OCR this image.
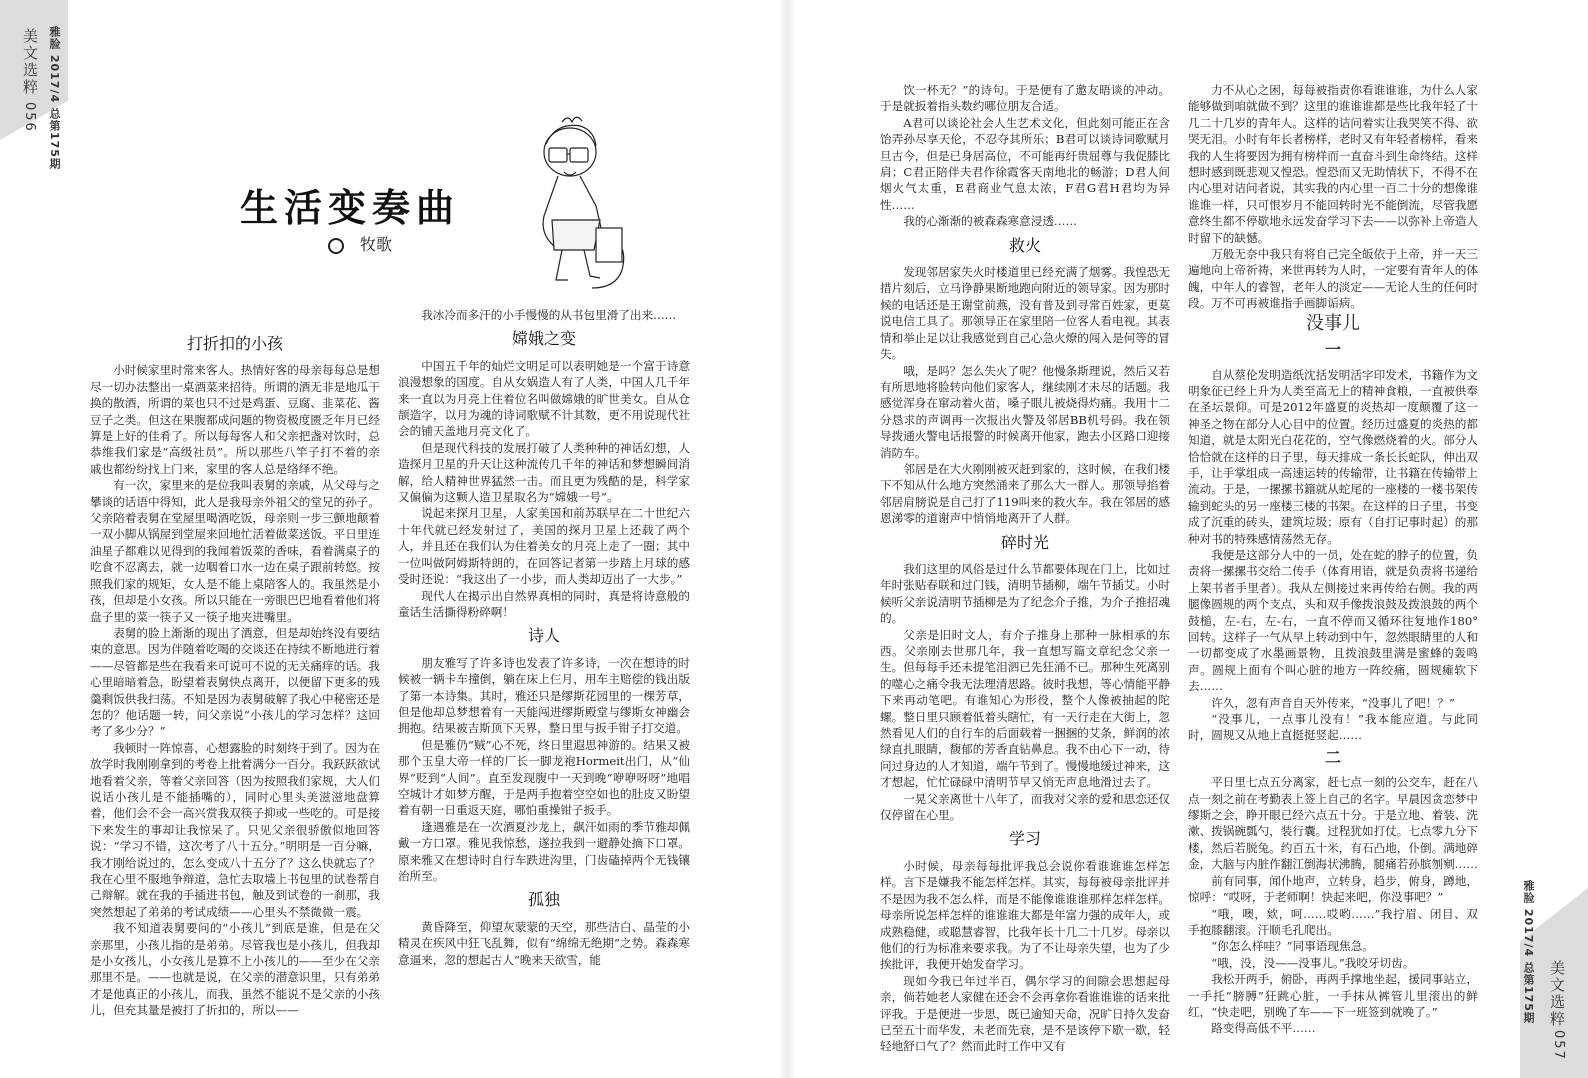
美文选粹
056 雅脸 2017/4 总第175期
生活变奏曲
牧歌
打折扣的小孩

小时候家里时常来客人。热情好客的母亲每每总是想尽一切办法整出一桌酒菜来招待。所谓的酒无非是地瓜干换的散酒，所谓的菜也只不过是鸡蛋、豆腐、韭菜花、酱豆子之类。但这在果腹都成问题的物资极度匮乏年月已经算是上好的佳肴了。所以每每客人和父亲把盏对饮时，总恭维我们家是“高级社员”。所以那些八竿子打不着的亲戚也都纷纷找上门来，家里的客人总是络绎不绝。

有一次，家里来的是位我叫表舅的亲戚，从父母与之攀谈的话语中得知，此人是我母亲外祖父的堂兄的孙子。父亲陪着表舅在堂屋里喝酒吃饭，母亲则一步三颤地颠着一双小脚从锅屋到堂屋来回地忙活着做菜送饭。平日里连油星子都难以见得到的我闻着饭菜的香味，看着满桌子的吃食不忍离去，就一边咽着口水一边在桌子跟前转悠。按照我们家的规矩，女人是不能上桌陪客人的。我虽然是小孩，但却是小女孩。所以只能在一旁眼巴巴地看着他们将盘子里的菜一筷子又一筷子地夹进嘴里。

表舅的脸上渐渐的现出了酒意，但是却始终没有要结束的意思。因为伴随着吃喝的交谈还在持续不断地进行着——尽管都是些在我看来可说可不说的无关痛痒的话。我心里暗暗着急，盼望着表舅快点离开，以便留下更多的残羹剩饭供我扫荡。不知是因为表舅破解了我心中秘密还是怎的？他话题一转，问父亲说“小孩儿的学习怎样？这回考了多少分？”

我顿时一阵惊喜，心想露脸的时刻终于到了。因为在放学时我刚刚拿到的考卷上批着满分一百分。我跃跃欲试地看着父亲，等着父亲回答（因为按照我们家规，大人们说话小孩儿是不能插嘴的），同时心里头美滋滋地盘算着，他们会不会一高兴赏我双筷子抑或一些吃的。可是接下来发生的事却让我惊呆了。只见父亲很骄傲似地回答说：“学习不错，这次考了八十五分。”明明是一百分嘛，我才刚给说过的，怎么变成八十五分了？这么快就忘了？我在心里不服地争辩道，急忙去取墙上书包里的试卷帮自己辩解。就在我的手插进书包，触及到试卷的一刹那，我突然想起了弟弟的考试成绩——心里头不禁微微一震。

我不知道表舅要问的“小孩儿”到底是谁，但是在父亲那里，小孩儿指的是弟弟。尽管我也是小孩儿，但我却是小女孩儿，小女孩儿是算不上小孩儿的——至少在父亲那里不是。——也就是说，在父亲的潜意识里，只有弟弟才是他真正的小孩儿，而我，虽然不能说不是父亲的小孩儿，但充其量是被打了折扣的，所以——

我冰冷而多汗的小手慢慢的从书包里滑了出来……

嫦娥之变

中国五千年的灿烂文明足可以表明她是一个富于诗意浪漫想象的国度。自从女娲造人有了人类，中国人几千年来一直以为月亮上住着位名叫做嫦娥的旷世美女。自从仓颉造字，以月为魂的诗词歌赋不计其数，更不用说现代社会的铺天盖地月亮文化了。

但是现代科技的发展打破了人类种种的神话幻想，人造探月卫星的升天让这种流传几千年的神话和梦想瞬间消解，给人精神世界猛然一击。而且更为残酷的是，科学家又偏偏为这颗人造卫星取名为“嫦娥一号”。

说起来探月卫星，人家美国和前苏联早在二十世纪六十年代就已经发射过了，美国的探月卫星上还载了两个人，并且还在我们认为住着美女的月亮上走了一圈；其中一位叫做阿姆斯特朗的，在回答记者第一步踏上月球的感受时还说：“我这出了一小步，而人类却迈出了一大步。”

现代人在揭示出自然界真相的同时，真是将诗意般的童话生活撕得粉碎啊！

诗人

朋友雅写了许多诗也发表了许多诗，一次在想诗的时候被一辆卡车撞倒，躺在床上仨月，用车主赔偿的钱出版了第一本诗集。其时，雅还只是缪斯花园里的一棵芳草，但是他却总梦想着有一天能闯进缪斯殿堂与缪斯女神幽会拥抱。结果被吉斯顶下天界，整日里与扳手钳子打交道。

但是雅仍“贼”心不死，终日里遐思神游的。结果又被那个玉皇大帝一样的厂长一脚龙袍Hormeit出门，从“仙界”贬到“人间”。直至发现腹中一天到晚“咿咿呀呀”地唱空城计才如梦方醒，于是两手抱着空空如也的肚皮又盼望着有朝一日重返天庭，哪怕重操钳子扳手。

逢遇雅是在一次酒夏沙龙上，飙汗如雨的季节雅却佩戴一方口罩。雅见我惊愁，遂拉我到一避静处摘下口罩。原来雅又在想诗时自行车跌进沟里，门齿磕掉两个无钱镶治所至。

孤独

黄昏降至，仰望灰蒙蒙的天空，那些洁白、晶莹的小精灵在疾风中狂飞乱舞，似有“绵绵无绝期”之势。森森寒意逼来，忽的想起古人“晚来天欲雪，能

饮一杯无？”的诗句。于是便有了邀友晤谈的冲动。于是就扳着指头数约哪位朋友合适。

A君可以谈论社会人生艺术文化，但此刻可能正在含饴弄孙尽享天伦，不忍夺其所乐；B君可以谈诗词歌赋月旦古今，但是已身居高位，不可能再纡贵屈尊与我促膝比肩；C君正陪伴夫君作徐霞客天南地北的畅游；D君人间烟火气太重，E君商业气息太浓，F君G君H君均为异性……

我的心渐渐的被森森寒意浸透……

救火

发现邻居家失火时楼道里已经充满了烟雾。我惶恐无措片刻后，立马诤静果断地跑向附近的领导家。因为那时候的电话还是王谢堂前燕，没有普及到寻常百姓家，更莫说电信工具了。那领导正在家里陪一位客人看电视。其表情和举止足以让我感觉到自己心急火燎的闯入是何等的冒失。

哦，是吗？怎么失火了呢？他慢条斯理说，然后又若有所思地将脸转向他们家客人，继续刚才未尽的话题。我感觉浑身在窜动着火苗，嗓子眼儿被烧得灼痛。我用十二分恳求的声调再一次报出火警及邻居BB机号码。我在领导拨通火警电话报警的时候离开他家，跑去小区路口迎接消防车。

邻居是在大火刚刚被灭赶到家的，这时候，在我们楼下不知从什么地方突然涌来了那么大一群人。那领导掐着邻居肩膀说是自己打了119叫来的救火车。我在邻居的感恩涕零的道谢声中悄悄地离开了人群。

碎时光

我们这里的风俗是过什么节都要体现在门上，比如过年时张贴春联和过门钱，清明节插柳，端午节插艾。小时候听父亲说清明节插柳是为了纪念介子推，为介子推招魂的。

父亲是旧时文人，有介子推身上那种一脉相承的东西。父亲刚去世那几年，我一直想写篇文章纪念父亲一生。但每每手还未提笔泪泗已先狂涌不已。那种生死离别的噬心之痛令我无法理清思路。彼时我想，等心情能平静下来再动笔吧。有谁知心为形役，整个人像被抽起的陀螺。整日里只顾着低着头瞎忙，有一天行走在大街上，忽然看见人们的自行车的后面载着一捆捆的艾条，鲜润的浓绿直扎眼睛，馥郁的芳香直钻鼻息。我不由心下一动，待问过身边的人才知道，端午节到了。慢慢地缓过神来，这才想起，忙忙碌碌中清明节早又悄无声息地滑过去了。

一晃父亲离世十八年了，而我对父亲的爱和思恋还仅仅停留在心里。

学习

小时候，母亲每每批评我总会说你看谁谁谁怎样怎样。言下是嫌我不能怎样怎样。其实，每每被母亲批评并不是因为我不怎么样，而是不能像谁谁谁那样怎样怎样。母亲所说怎样怎样的谁谁谁大都是年富力强的成年人，或成熟稳健，或聪慧睿智，比我年长十几二十几岁。母亲以他们的行为标准来要求我。为了不让母亲失望，也为了少挨批评，我便开始发奋学习。

现如今我已年过半百，偶尔学习的间隙会思想起母亲，倘若她老人家健在还会不会再拿你看谁谁谁的话来批评我。于是便进一步思，既已逾知天命，况旷日持久发奋已至五十而华发，未老而先衰，是不是该停下歇一歇，轻轻地舒口气了？然而此时工作中又有

力不从心之困，每每被指责你看谁谁谁，为什么人家能够做到咱就做不到？这里的谁谁谁都是些比我年轻了十几二十几岁的青年人。这样的诘问着实让我哭笑不得、欲哭无泪。小时有年长者榜样，老时又有年轻者榜样，看来我的人生将要因为拥有榜样而一直奋斗到生命终结。这样想时感到既悲观又惶恐。惶恐而又无助情状下，不得不在内心里对诘问者说，其实我的内心里一百二十分的想像谁谁谁一样，只可恨岁月不能回转时光不能倒流，尽管我愿意终生都不停歇地永远发奋学习下去——以弥补上帝造人时留下的缺憾。

万般无奈中我只有将自己完全皈依于上帝，并一天三遍地向上帝祈祷，来世再转为人时，一定要有青年人的体魄，中年人的睿智，老年人的淡定——无论人生的任何时段。万不可再被谁指手画脚诟病。

没事儿
一

自从蔡伦发明造纸沈括发明活字印发术，书籍作为文明象征已经上升为人类至高无上的精神食粮，一直被供奉在圣坛景仰。可是2012年盛夏的炎热却一度颠覆了这一神圣之物在部分人心目中的位置。经历过盛夏的炎热的都知道，就是太阳光白花花的，空气像燃烧着的火。部分人恰恰就在这样的日子里，每天排成一条长长蛇队，伸出双手，让手掌组成一高速运转的传输带，让书籍在传输带上流动。于是，一摞摞书籍就从蛇尾的一座楼的一楼书架传输到蛇头的另一座楼三楼的书架。在这样的日子里，书变成了沉重的砖头，建筑垃圾；原有（自打记事时起）的那种对书的特殊感情荡然无存。

我便是这部分人中的一员，处在蛇的脖子的位置，负责将一摞摞书交给二传手（体育用语，就是负责将书递给上架书者手里者）。我从左侧接过来再传给右侧。我的两腿像圆规的两个支点，头和双手像拨浪鼓及拨浪鼓的两个鼓槌，左-右，左-右，一直不停而又循环往复地作180°回转。这样子一气从早上转动到中午，忽然眼睛里的人和一切都变成了水墨画景物，且拨浪鼓里满是蜜蜂的轰鸣声。圆规上面有个叫心脏的地方一阵绞痛，圆规瘫软下去……

许久，忽有声音自天外传来，“没事儿了吧！？”

“没事儿，一点事儿没有！”我本能应道。与此同时，圆规又从地上直挺挺竖起……

二

平日里七点五分离家，赶七点一刻的公交车，赶在八点一刻之前在考勤表上签上自己的名字。早晨因贪恋梦中缪斯之会，睁开眼已经六点五十分。于是立地、着装、洗漱、拨锅碗瓢勺，装行囊。过程犹如打仗。七点零九分下楼，然后若脱兔。约百五十米，有石凸地，仆倒。满地碎金，大脑与内脏作翻江倒海状沸腾，腿痛若孙膑刎剜……

前有同事，闻仆地声，立转身，趋步，俯身，蹲地，惊呼：“哎呀，于老师啊！快起来吧，你没事吧？”

“哦，噢，欸，呵……哎哟……”我拧眉、闭目、双手抱膝翻滚。汗顺毛孔爬出。

“你怎么样哇？”同事语现焦急。

“哦，没，没——没事儿。”我咬牙切齿。

我松开两手，俯卧，再两手撑地坐起，援同事站立，一手托“膀膊”狂跳心脏，一手抹从裤管儿里滚出的鲜红，“快走吧，别晚了车——下一班签到就晚了。”

路变得高低不平……

雅脸 2017/4 总第175期 美文选粹
057
